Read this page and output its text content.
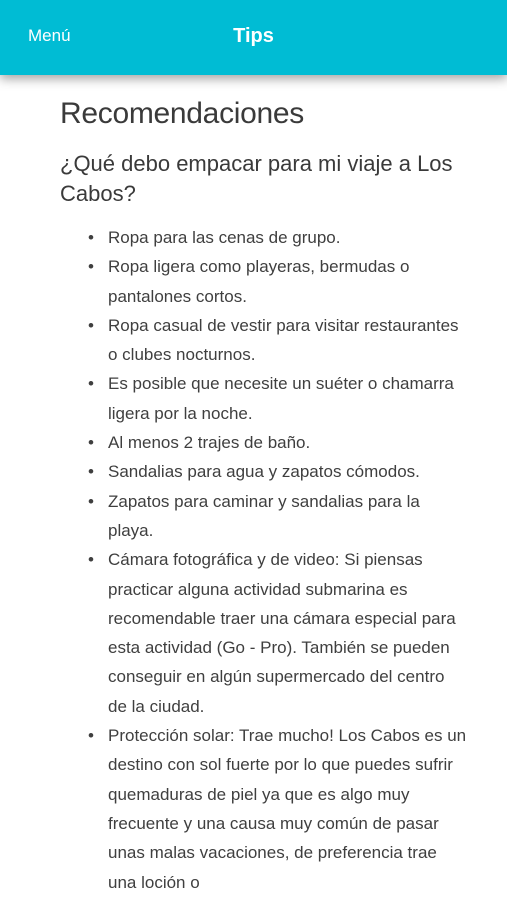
Menú	Tips
Recomendaciones
¿Qué debo empacar para mi viaje a Los Cabos?
• Ropa para las cenas de grupo.
• Ropa ligera como playeras, bermudas o pantalones cortos.
• Ropa casual de vestir para visitar restaurantes o clubes nocturnos.
• Es posible que necesite un suéter o chamarra ligera por la noche.
• Al menos 2 trajes de baño.
• Sandalias para agua y zapatos cómodos.
• Zapatos para caminar y sandalias para la playa.
• Cámara fotográfica y de video: Si piensas practicar alguna actividad submarina es recomendable traer una cámara especial para esta actividad (Go - Pro). También se pueden conseguir en algún supermercado del centro de la ciudad.
• Protección solar: Trae mucho! Los Cabos es un destino con sol fuerte por lo que puedes sufrir quemaduras de piel ya que es algo muy frecuente y una causa muy común de pasar unas malas vacaciones, de preferencia trae una loción o
